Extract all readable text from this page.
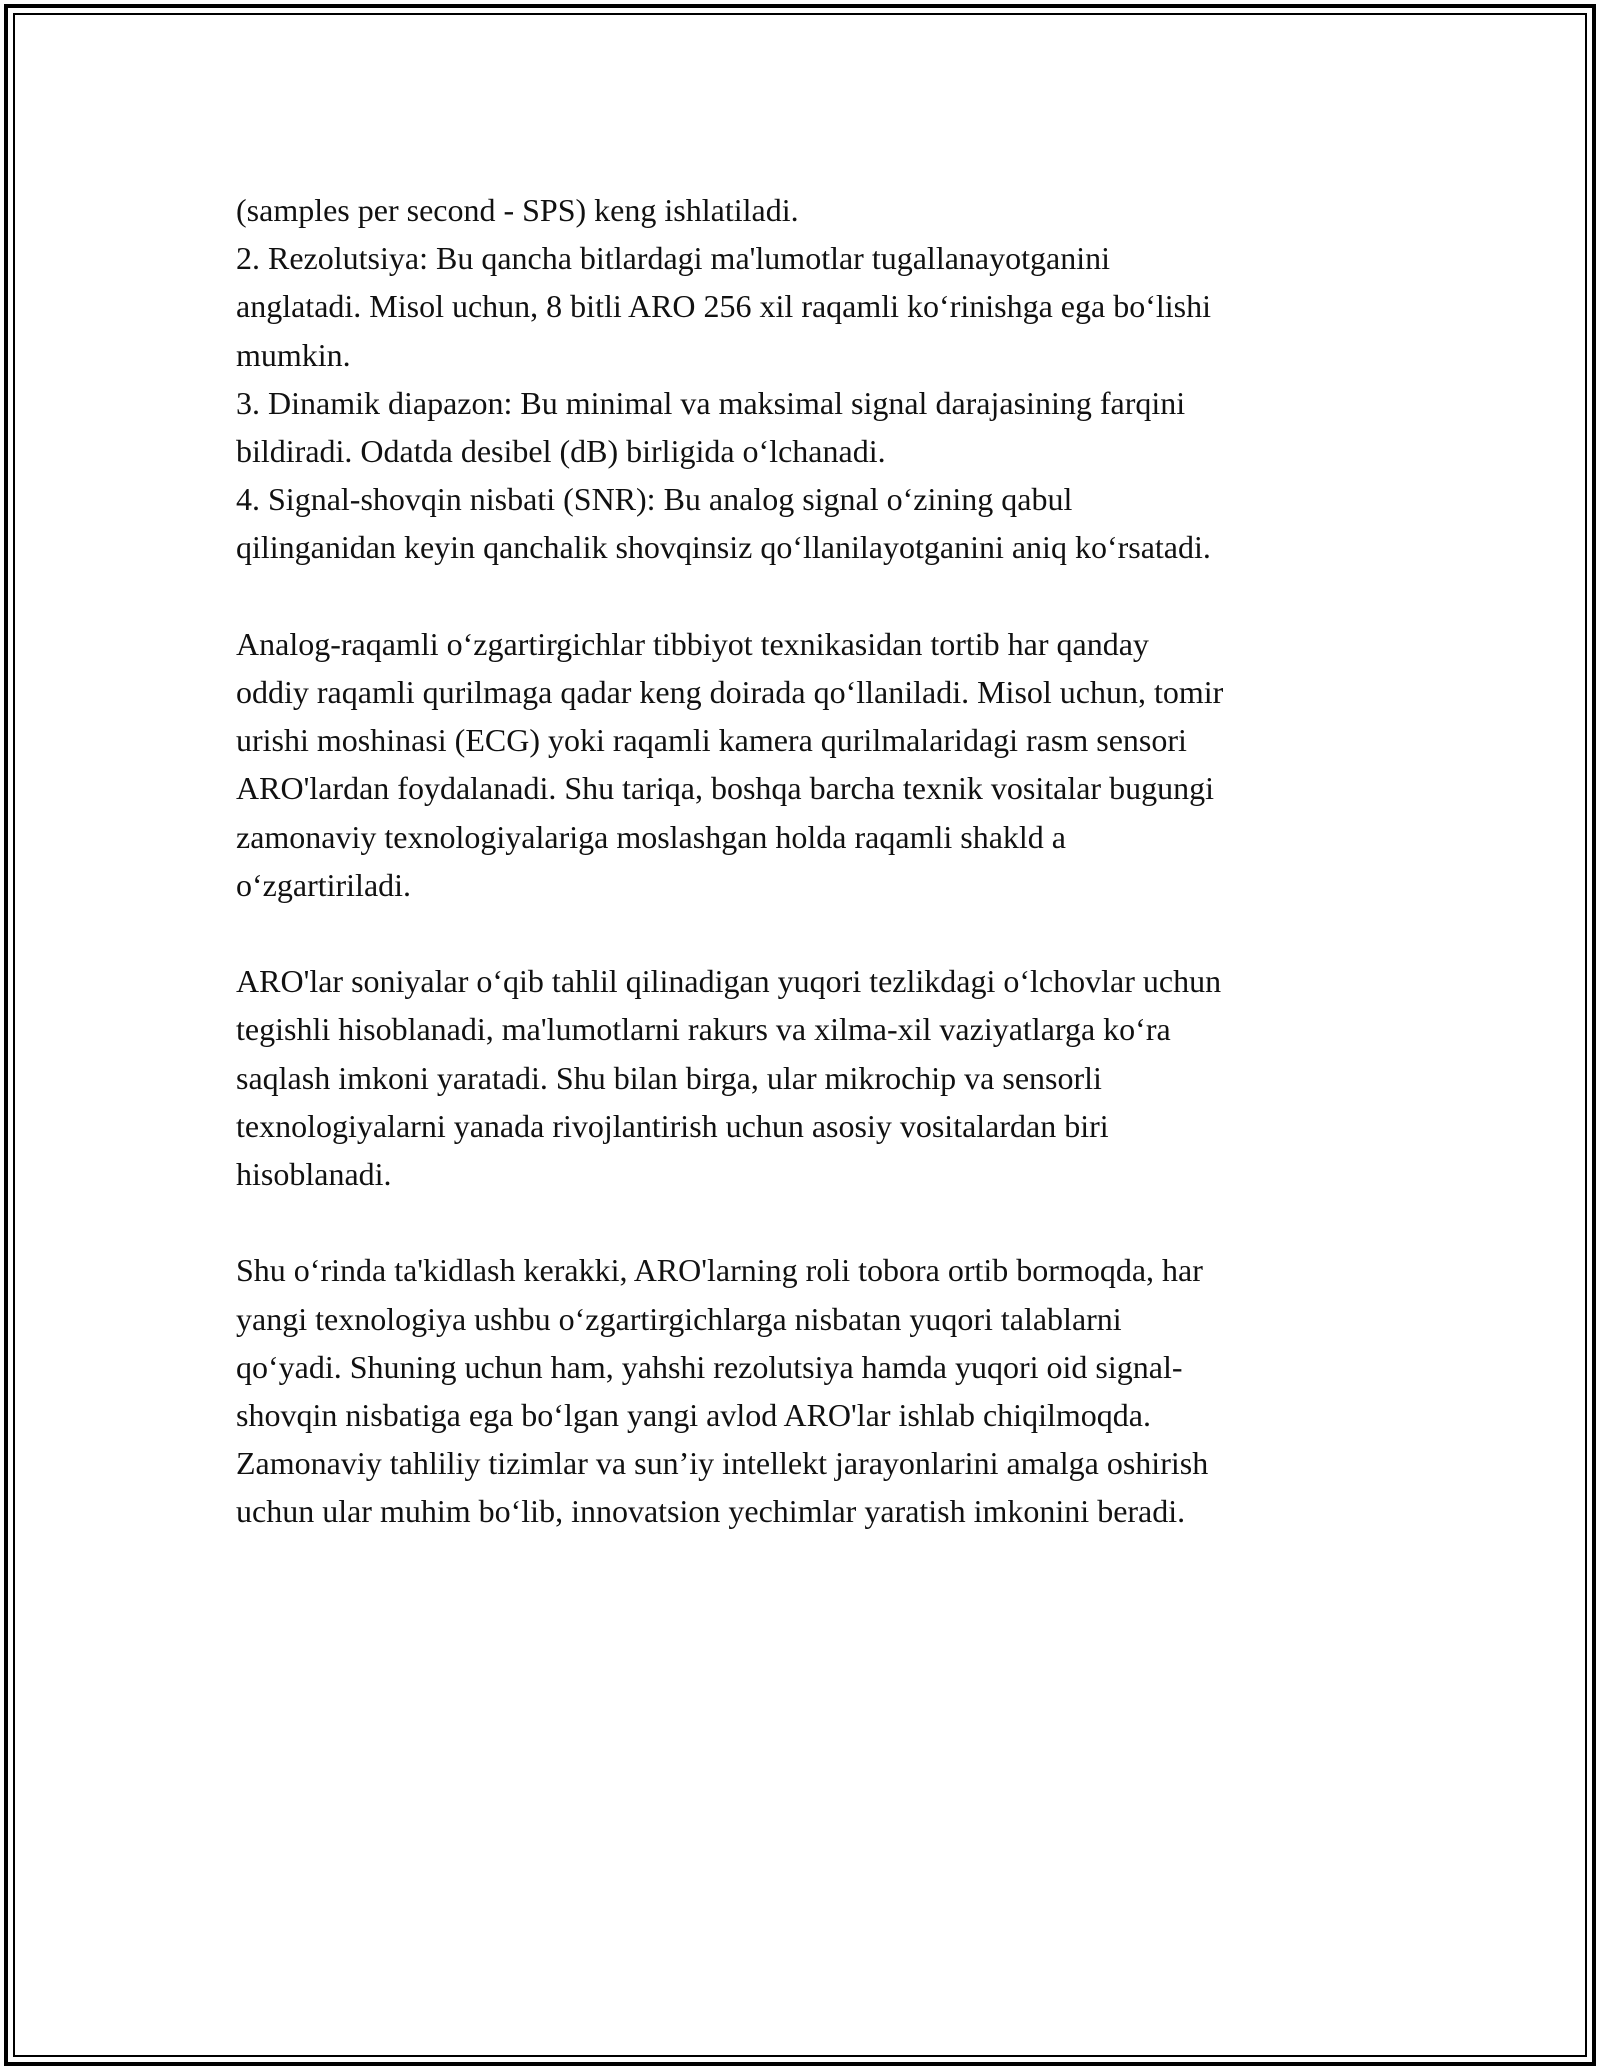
(samples per second - SPS) keng ishlatiladi.

2. Rezolutsiya: Bu qancha bitlardagi ma'lumotlar tugallanayotganini

anglatadi. Misol uchun, 8 bitli ARO 256 xil raqamli ko‘rinishga ega bo‘lishi

mumkin.

3. Dinamik diapazon: Bu minimal va maksimal signal darajasining farqini

bildiradi. Odatda desibel (dB) birligida o‘lchanadi.

4. Signal-shovqin nisbati (SNR): Bu analog signal o‘zining qabul

qilinganidan keyin qanchalik shovqinsiz qo‘llanilayotganini aniq ko‘rsatadi.

Analog-raqamli o‘zgartirgichlar tibbiyot texnikasidan tortib har qanday

oddiy raqamli qurilmaga qadar keng doirada qo‘llaniladi. Misol uchun, tomir

urishi moshinasi (ECG) yoki raqamli kamera qurilmalaridagi rasm sensori

ARO'lardan foydalanadi. Shu tariqa, boshqa barcha texnik vositalar bugungi

zamonaviy texnologiyalariga moslashgan holda raqamli shakld a

o‘zgartiriladi.

ARO'lar soniyalar o‘qib tahlil qilinadigan yuqori tezlikdagi o‘lchovlar uchun

tegishli hisoblanadi, ma'lumotlarni rakurs va xilma-xil vaziyatlarga ko‘ra

saqlash imkoni yaratadi. Shu bilan birga, ular mikrochip va sensorli

texnologiyalarni yanada rivojlantirish uchun asosiy vositalardan biri

hisoblanadi.

Shu o‘rinda ta'kidlash kerakki, ARO'larning roli tobora ortib bormoqda, har

yangi texnologiya ushbu o‘zgartirgichlarga nisbatan yuqori talablarni

qo‘yadi. Shuning uchun ham, yahshi rezolutsiya hamda yuqori oid signal-

shovqin nisbatiga ega bo‘lgan yangi avlod ARO'lar ishlab chiqilmoqda.

Zamonaviy tahliliy tizimlar va sun’iy intellekt jarayonlarini amalga oshirish

uchun ular muhim bo‘lib, innovatsion yechimlar yaratish imkonini beradi.
